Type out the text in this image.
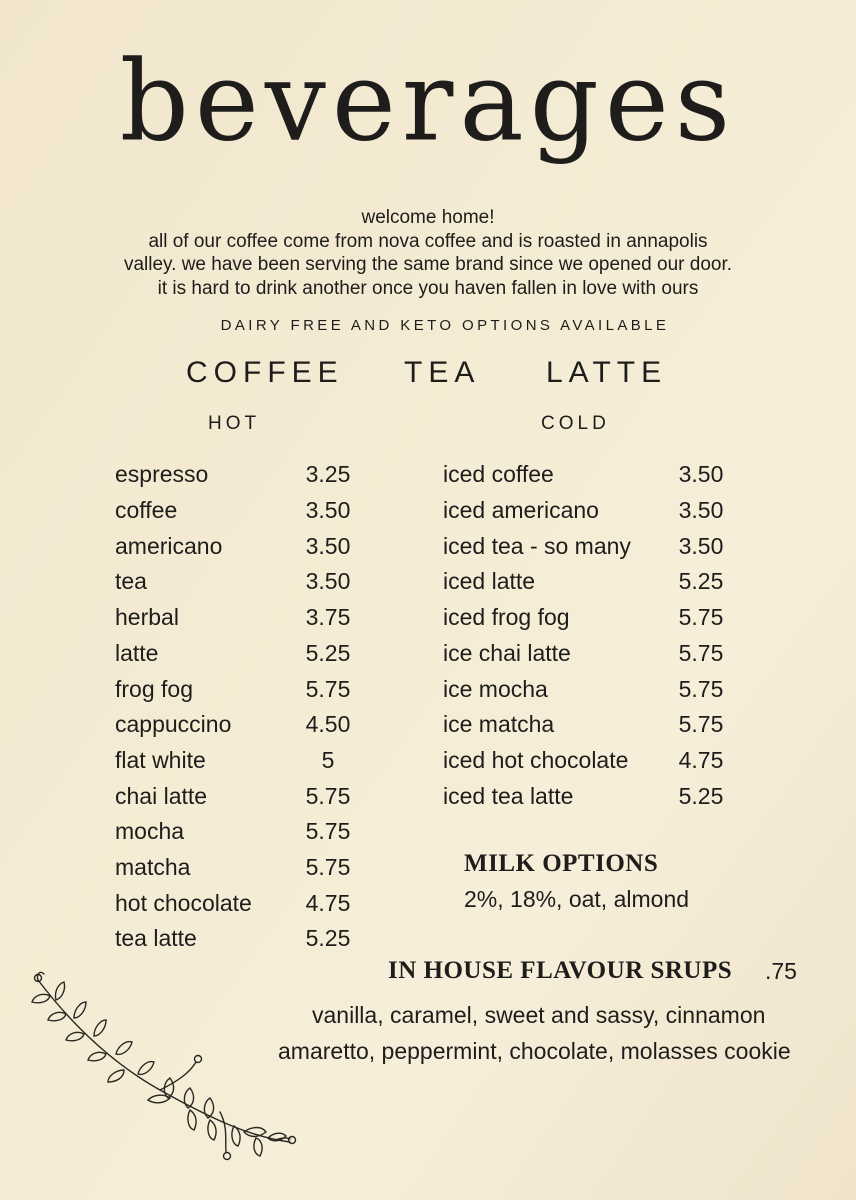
beverages
welcome home!
all of our coffee come from nova coffee and is roasted in annapolis
valley. we have been serving the same brand since we opened our door.
it is hard to drink another once you haven fallen in love with ours
DAIRY FREE AND KETO OPTIONS AVAILABLE
COFFEE TEA LATTE
HOT	COLD
espresso	3.25
coffee	3.50
americano	3.50
tea	3.50
herbal	3.75
latte	5.25
frog fog	5.75
cappuccino	4.50
flat white	5
chai latte	5.75
mocha	5.75
matcha	5.75
hot chocolate	4.75
tea latte	5.25
iced coffee	3.50
iced americano	3.50
iced tea - so many	3.50
iced latte	5.25
iced frog fog	5.75
ice chai latte	5.75
ice mocha	5.75
ice matcha	5.75
iced hot chocolate	4.75
iced tea latte	5.25
MILK OPTIONS
2%, 18%, oat, almond
IN HOUSE FLAVOUR SRUPS .75
vanilla, caramel, sweet and sassy, cinnamon
amaretto, peppermint, chocolate, molasses cookie
